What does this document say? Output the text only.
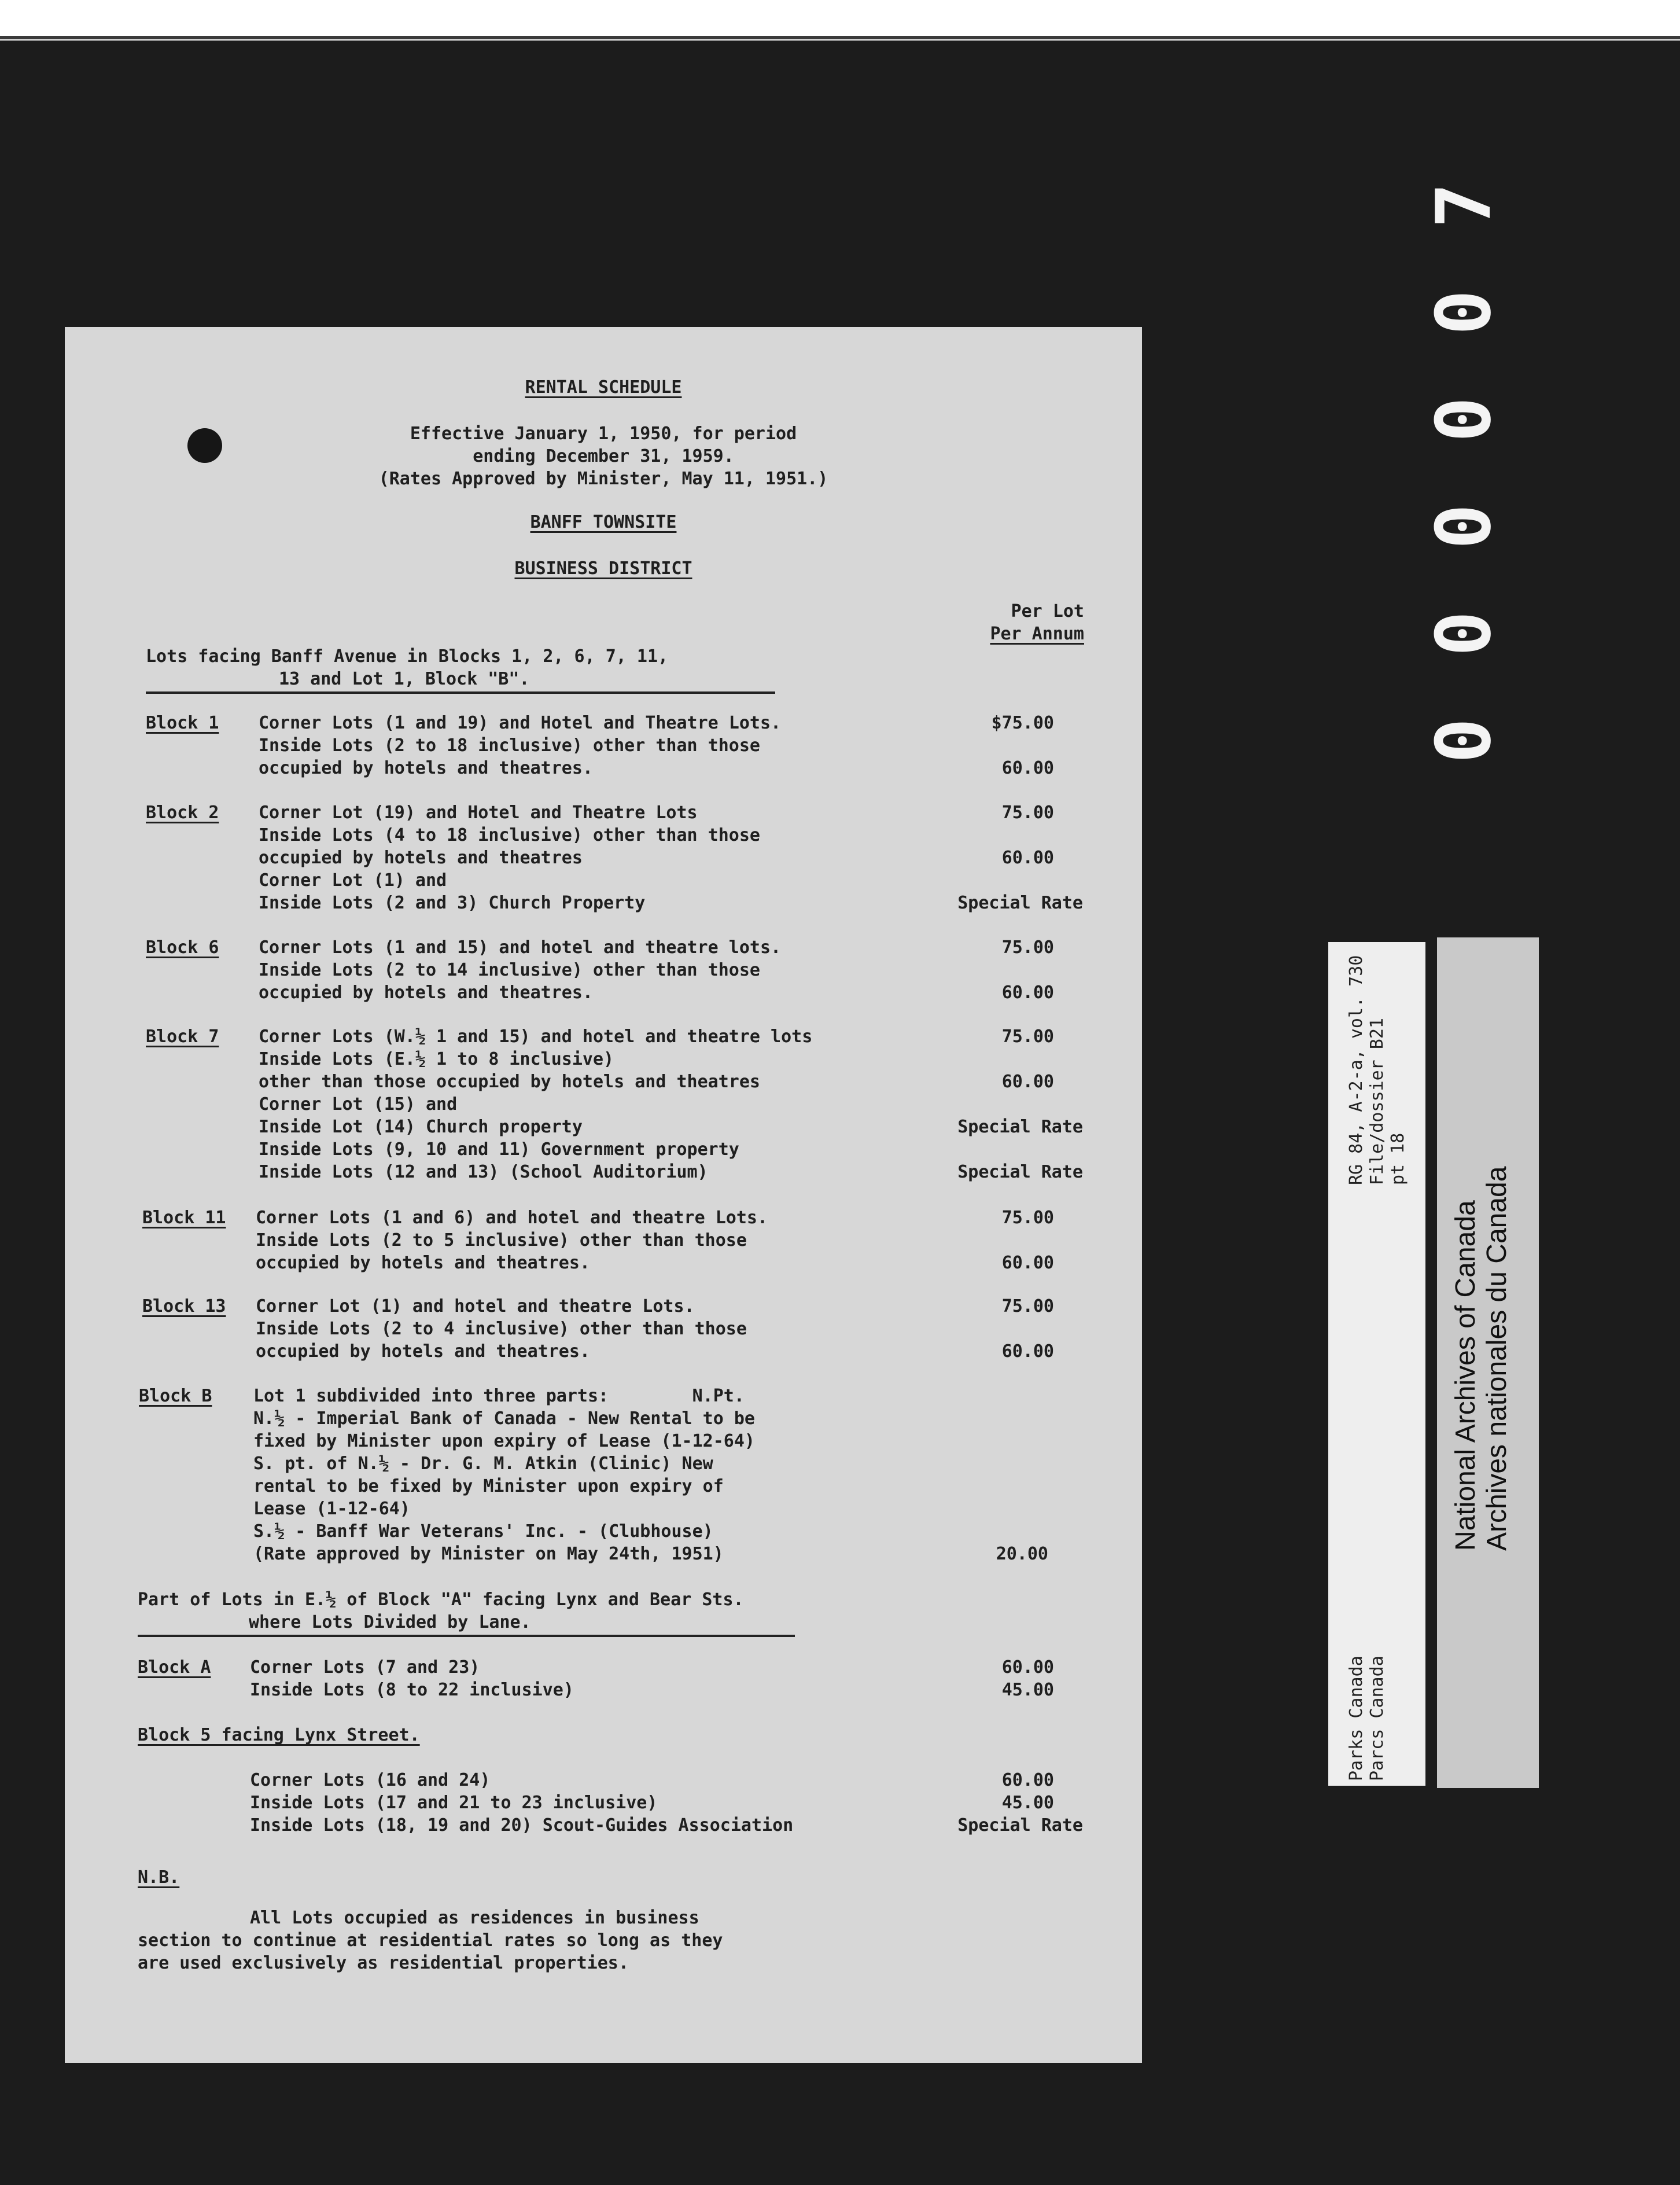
7
0
0
0
0
0
RENTAL SCHEDULE
Effective January 1, 1950, for period
ending December 31, 1959.
(Rates Approved by Minister, May 11, 1951.)
BANFF TOWNSITE
BUSINESS DISTRICT
Per Lot
Per Annum
Lots facing Banff Avenue in Blocks 1, 2, 6, 7, 11,
13 and Lot 1, Block "B".
Block 1 Corner Lots (1 and 19) and Hotel and Theatre Lots.
Inside Lots (2 to 18 inclusive) other than those
occupied by hotels and theatres.
$75.00
60.00
Block 2 Corner Lot (19) and Hotel and Theatre Lots
Inside Lots (4 to 18 inclusive) other than those
occupied by hotels and theatres
Corner Lot (1) and
Inside Lots (2 and 3) Church Property
75.00
60.00
Special Rate
Block 6 Corner Lots (1 and 15) and hotel and theatre lots.
Inside Lots (2 to 14 inclusive) other than those
occupied by hotels and theatres.
75.00
60.00
Block 7 Corner Lots (W.½ 1 and 15) and hotel and theatre lots
Inside Lots (E.½ 1 to 8 inclusive)
other than those occupied by hotels and theatres
Corner Lot (15) and
Inside Lot (14) Church property
Inside Lots (9, 10 and 11) Government property
Inside Lots (12 and 13) (School Auditorium)
75.00
60.00
Special Rate
Special Rate
Block 11 Corner Lots (1 and 6) and hotel and theatre Lots.
Inside Lots (2 to 5 inclusive) other than those
occupied by hotels and theatres.
75.00
60.00
Block 13 Corner Lot (1) and hotel and theatre Lots.
Inside Lots (2 to 4 inclusive) other than those
occupied by hotels and theatres.
75.00
60.00
Block B Lot 1 subdivided into three parts:        N.Pt.
N.½ - Imperial Bank of Canada - New Rental to be
fixed by Minister upon expiry of Lease (1-12-64)
S. pt. of N.½ - Dr. G. M. Atkin (Clinic) New
rental to be fixed by Minister upon expiry of
Lease (1-12-64)
S.½ - Banff War Veterans' Inc. - (Clubhouse)
(Rate approved by Minister on May 24th, 1951)	20.00
Part of Lots in E.½ of Block "A" facing Lynx and Bear Sts.
where Lots Divided by Lane.
Block A Corner Lots (7 and 23)
Inside Lots (8 to 22 inclusive)
60.00
45.00
Block 5 facing Lynx Street.
Corner Lots (16 and 24)
Inside Lots (17 and 21 to 23 inclusive)
Inside Lots (18, 19 and 20) Scout-Guides Association
60.00
45.00
Special Rate
N.B.
All Lots occupied as residences in business
section to continue at residential rates so long as they
are used exclusively as residential properties.
RG 84, A-2-a, vol. 730 File/dossier B21 pt 18
Parks Canada Parcs Canada
National Archives of Canada Archives nationales du Canada
